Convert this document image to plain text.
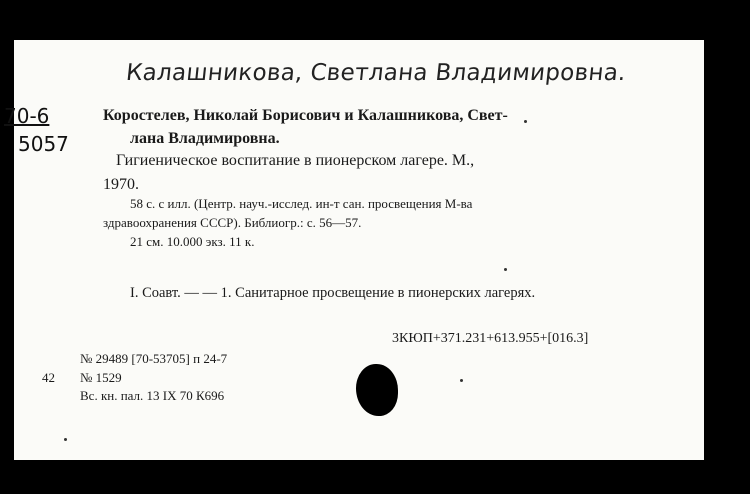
Калашникова, Светлана Владимировна.
70-6
5057
Коростелев, Николай Борисович и Калашникова, Свет-
лана Владимировна.
Гигиеническое воспитание в пионерском лагере. М.,
1970.
58 с. с илл. (Центр. науч.-исслед. ин-т сан. просвещения М-ва
здравоохранения СССР). Библиогр.: с. 56—57.
21 см. 10.000 экз. 11 к.
I. Соавт. — — 1. Санитарное просвещение в пионерских лагерях.
3КЮП+371.231+613.955+[016.3]
№ 29489 [70-53705] п 24-7
42 № 1529
Вс. кн. пал. 13 IX 70 К696
